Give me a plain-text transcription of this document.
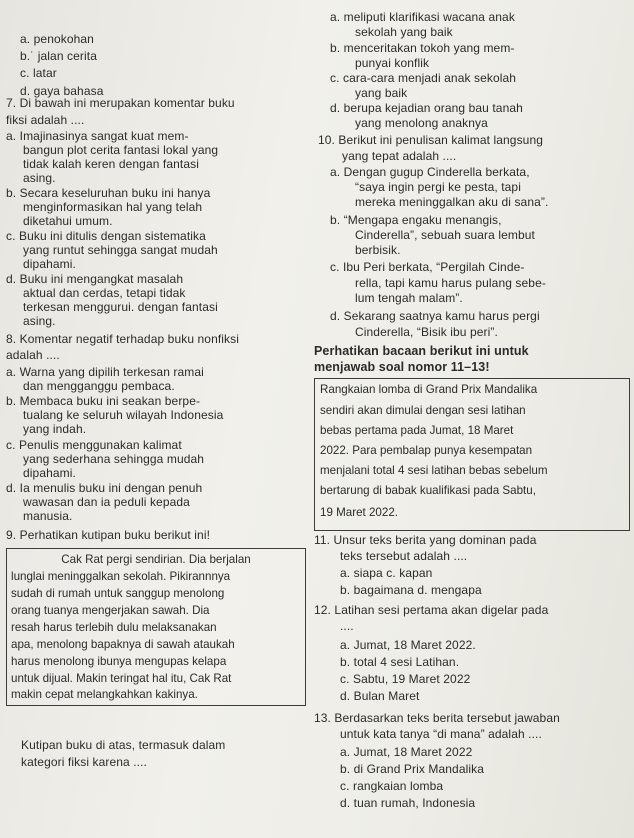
a. penokohan
b.˙ jalan cerita
c. latar
d. gaya bahasa
7. Di bawah ini merupakan komentar buku
fiksi adalah ....
a. Imajinasinya sangat kuat mem-
bangun plot cerita fantasi lokal yang
tidak kalah keren dengan fantasi
asing.
b. Secara keseluruhan buku ini hanya
menginformasikan hal yang telah
diketahui umum.
c. Buku ini ditulis dengan sistematika
yang runtut sehingga sangat mudah
dipahami.
d. Buku ini mengangkat masalah
aktual dan cerdas, tetapi tidak
terkesan menggurui. dengan fantasi
asing.
8. Komentar negatif terhadap buku nonfiksi
adalah ....
a. Warna yang dipilih terkesan ramai
dan mengganggu pembaca.
b. Membaca buku ini seakan berpe-
tualang ke seluruh wilayah Indonesia
yang indah.
c. Penulis menggunakan kalimat
yang sederhana sehingga mudah
dipahami.
d. Ia menulis buku ini dengan penuh
wawasan dan ia peduli kepada
manusia.
9. Perhatikan kutipan buku berikut ini!
Cak Rat pergi sendirian. Dia berjalan
lunglai meninggalkan sekolah. Pikirannnya
sudah di rumah untuk sanggup menolong
orang tuanya mengerjakan sawah. Dia
resah harus terlebih dulu melaksanakan
apa, menolong bapaknya di sawah ataukah
harus menolong ibunya mengupas kelapa
untuk dijual. Makin teringat hal itu, Cak Rat
makin cepat melangkahkan kakinya.
Kutipan buku di atas, termasuk dalam
kategori fiksi karena ....
a. meliputi klarifikasi wacana anak
sekolah yang baik
b. menceritakan tokoh yang mem-
punyai konflik
c. cara-cara menjadi anak sekolah
yang baik
d. berupa kejadian orang bau tanah
yang menolong anaknya
10. Berikut ini penulisan kalimat langsung
yang tepat adalah ....
a. Dengan gugup Cinderella berkata,
“saya ingin pergi ke pesta, tapi
mereka meninggalkan aku di sana”.
b. “Mengapa engaku menangis,
Cinderella”, sebuah suara lembut
berbisik.
c. Ibu Peri berkata, “Pergilah Cinde-
rella, tapi kamu harus pulang sebe-
lum tengah malam”.
d. Sekarang saatnya kamu harus pergi
Cinderella, “Bisik ibu peri”.
Perhatikan bacaan berikut ini untuk
menjawab soal nomor 11–13!
Rangkaian lomba di Grand Prix Mandalika
sendiri akan dimulai dengan sesi latihan
bebas pertama pada Jumat, 18 Maret
2022. Para pembalap punya kesempatan
menjalani total 4 sesi latihan bebas sebelum
bertarung di babak kualifikasi pada Sabtu,
19 Maret 2022.
11. Unsur teks berita yang dominan pada
teks tersebut adalah ....
a. siapa c. kapan
b. bagaimana d. mengapa
12. Latihan sesi pertama akan digelar pada
....
a. Jumat, 18 Maret 2022.
b. total 4 sesi Latihan.
c. Sabtu, 19 Maret 2022
d. Bulan Maret
13. Berdasarkan teks berita tersebut jawaban
untuk kata tanya “di mana” adalah ....
a. Jumat, 18 Maret 2022
b. di Grand Prix Mandalika
c. rangkaian lomba
d. tuan rumah, Indonesia
